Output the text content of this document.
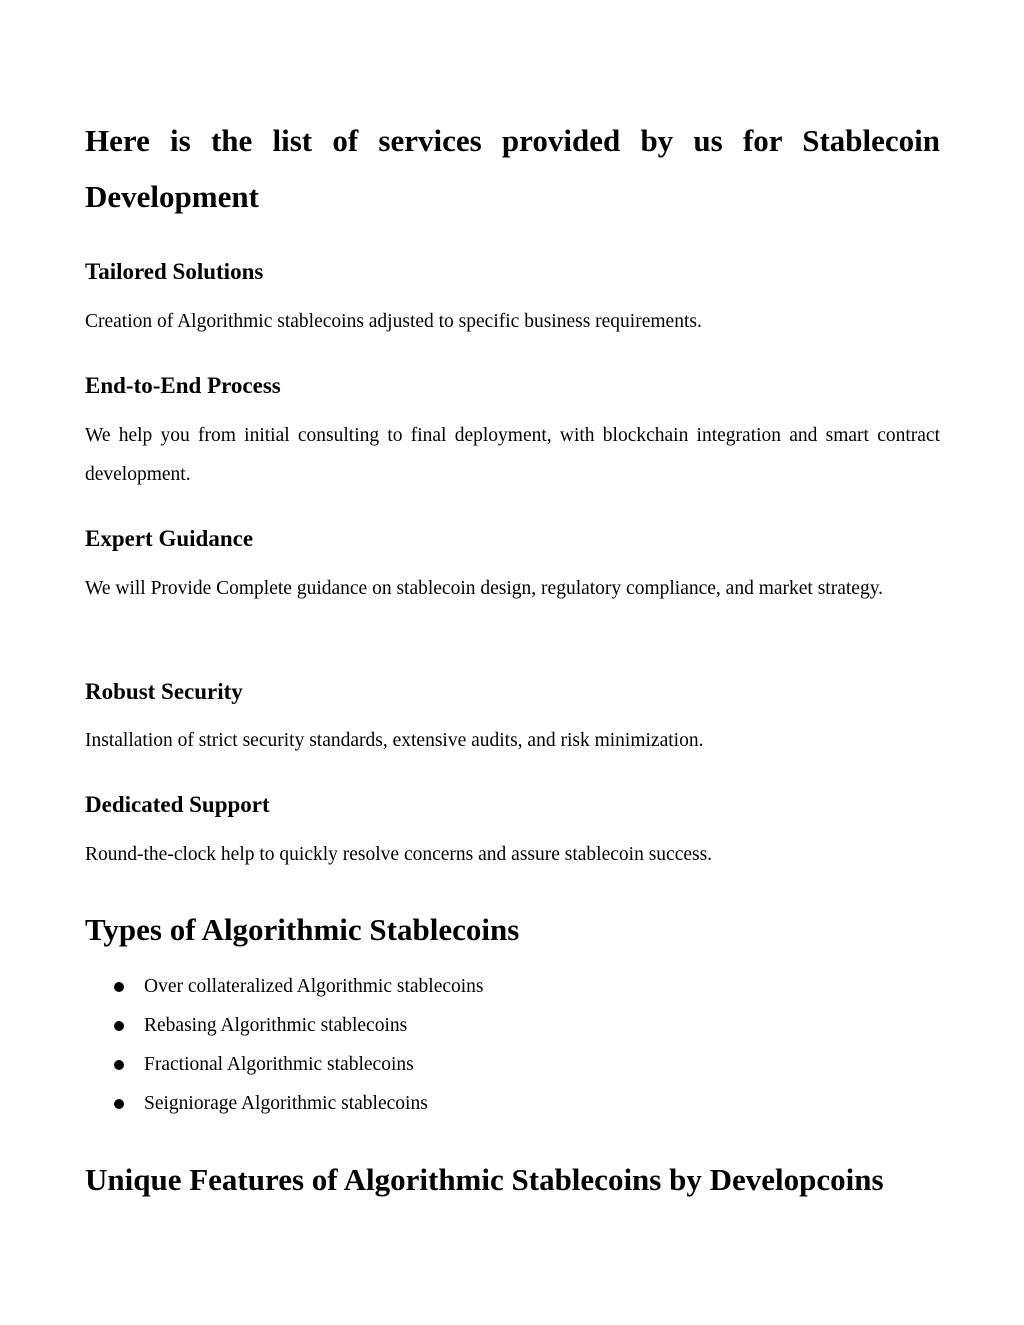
Here is the list of services provided by us for Stablecoin Development
Tailored Solutions

Creation of Algorithmic stablecoins adjusted to specific business requirements.

End-to-End Process

We help you from initial consulting to final deployment, with blockchain integration and smart contract development.

Expert Guidance

We will Provide Complete guidance on stablecoin design, regulatory compliance, and market strategy.

Robust Security

Installation of strict security standards, extensive audits, and risk minimization.

Dedicated Support

Round-the-clock help to quickly resolve concerns and assure stablecoin success.

Types of Algorithmic Stablecoins
Over collateralized Algorithmic stablecoins
Rebasing Algorithmic stablecoins
Fractional Algorithmic stablecoins
Seigniorage Algorithmic stablecoins
Unique Features of Algorithmic Stablecoins by Developcoins
